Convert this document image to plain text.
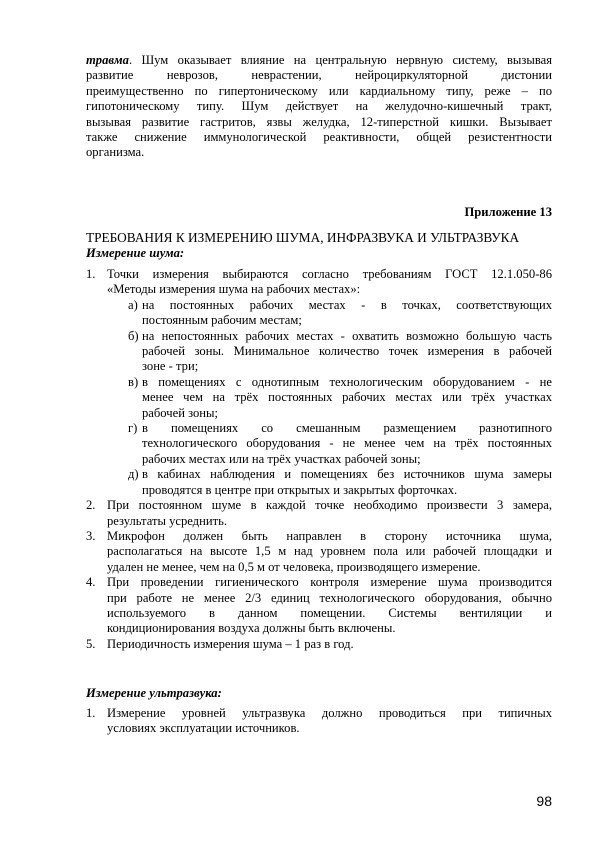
травма. Шум оказывает влияние на центральную нервную систему, вызывая
развитие неврозов, неврастении, нейроциркуляторной дистонии
преимущественно по гипертоническому или кардиальному типу, реже – по
гипотоническому типу. Шум действует на желудочно-кишечный тракт,
вызывая развитие гастритов, язвы желудка, 12-типерстной кишки. Вызывает
также снижение иммунологической реактивности, общей резистентности
организма.
Приложение 13
ТРЕБОВАНИЯ К ИЗМЕРЕНИЮ ШУМА, ИНФРАЗВУКА И УЛЬТРАЗВУКА
Измерение шума:
1. Точки измерения выбираются согласно требованиям ГОСТ 12.1.050-86
«Методы измерения шума на рабочих местах»:
а) на постоянных рабочих местах - в точках, соответствующих
постоянным рабочим местам;
б) на непостоянных рабочих местах - охватить возможно большую часть
рабочей зоны. Минимальное количество точек измерения в рабочей
зоне - три;
в) в помещениях с однотипным технологическим оборудованием - не
менее чем на трёх постоянных рабочих местах или трёх участках
рабочей зоны;
г) в помещениях со смешанным размещением разнотипного
технологического оборудования - не менее чем на трёх постоянных
рабочих местах или на трёх участках рабочей зоны;
д) в кабинах наблюдения и помещениях без источников шума замеры
проводятся в центре при открытых и закрытых форточках.
2. При постоянном шуме в каждой точке необходимо произвести 3 замера,
результаты усреднить.
3. Микрофон должен быть направлен в сторону источника шума,
располагаться на высоте 1,5 м над уровнем пола или рабочей площадки и
удален не менее, чем на 0,5 м от человека, производящего измерение.
4. При проведении гигиенического контроля измерение шума производится
при работе не менее 2/3 единиц технологического оборудования, обычно
используемого в данном помещении. Системы вентиляции и
кондиционирования воздуха должны быть включены.
5. Периодичность измерения шума – 1 раз в год.
Измерение ультразвука:
1. Измерение уровней ультразвука должно проводиться при типичных
условиях эксплуатации источников.
98
